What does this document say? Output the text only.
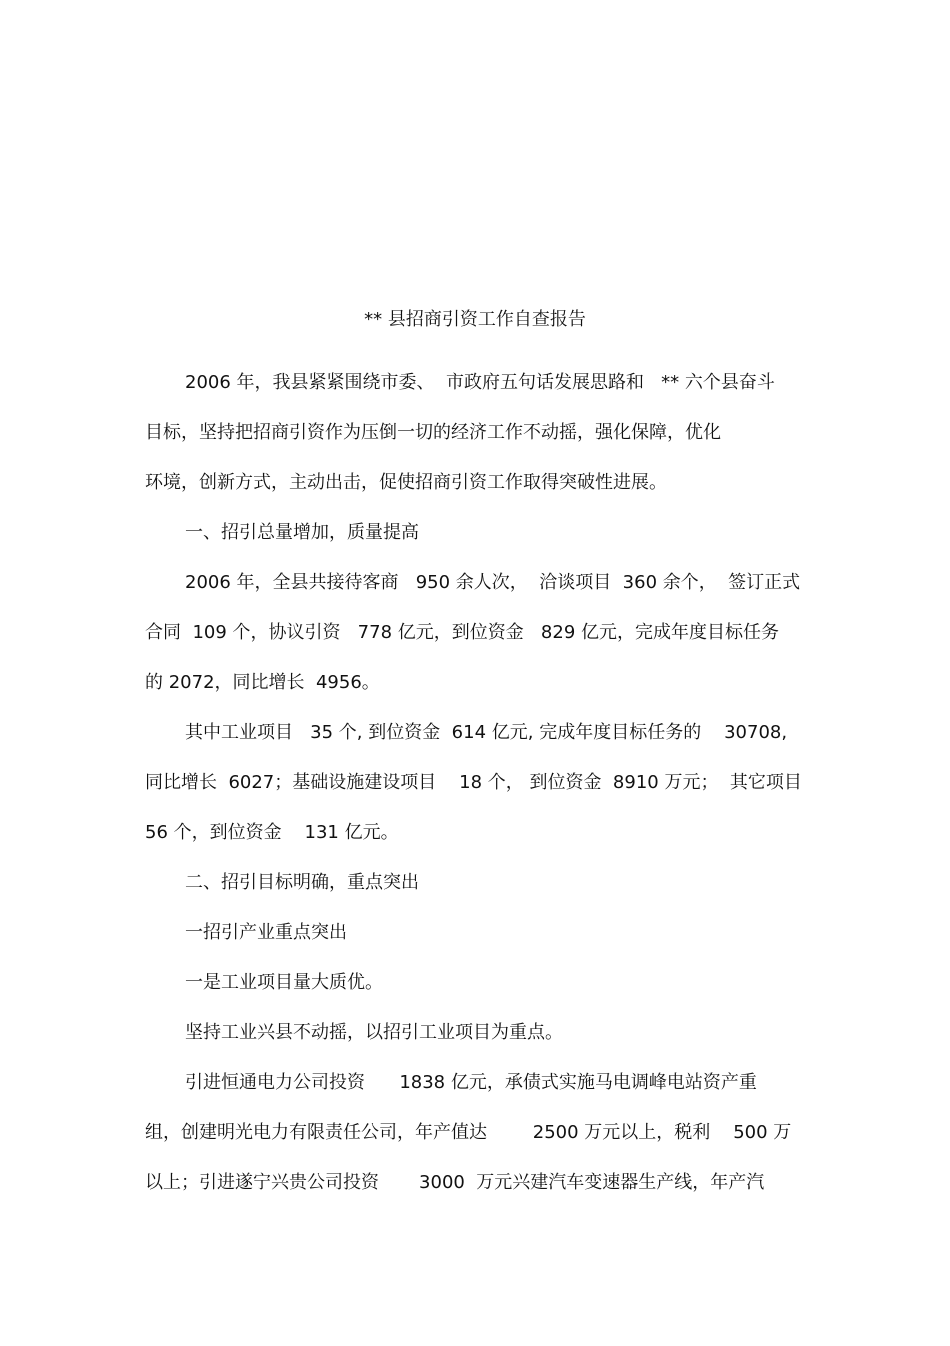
** 县招商引资工作自查报告
2006 年，我县紧紧围绕市委、  市政府五句话发展思路和   ** 六个县奋斗
目标，坚持把招商引资作为压倒一切的经济工作不动摇，强化保障，优化
环境，创新方式，主动出击，促使招商引资工作取得突破性进展。
一、招引总量增加，质量提高
2006 年，全县共接待客商   950 余人次，  洽谈项目  360 余个，  签订正式
合同  109 个，协议引资   778 亿元，到位资金   829 亿元，完成年度目标任务
的 2072，同比增长  4956。
其中工业项目   35 个, 到位资金  614 亿元, 完成年度目标任务的    30708,
同比增长  6027；基础设施建设项目    18 个， 到位资金  8910 万元；  其它项目
56 个，到位资金    131 亿元。
二、招引目标明确，重点突出
一招引产业重点突出
一是工业项目量大质优。
坚持工业兴县不动摇，以招引工业项目为重点。
引进恒通电力公司投资      1838 亿元，承债式实施马电调峰电站资产重
组，创建明光电力有限责任公司，年产值达        2500 万元以上，税利    500 万
以上；引进遂宁兴贵公司投资       3000  万元兴建汽车变速器生产线，年产汽
